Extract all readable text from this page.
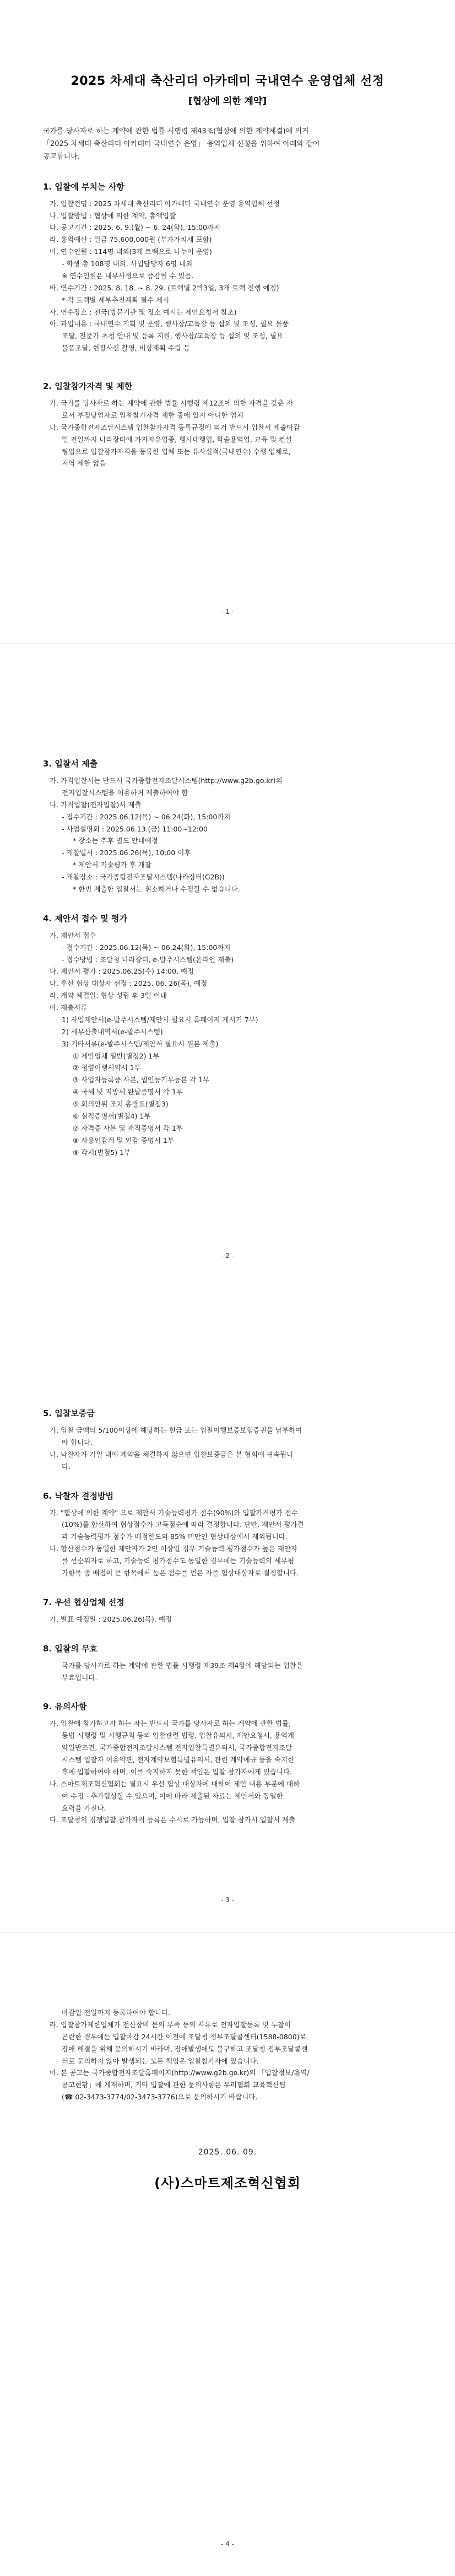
2025 차세대 축산리더 아카데미 국내연수 운영업체 선정
[협상에 의한 계약]

국가를 당사자로 하는 계약에 관한 법률 시행령 제43조(협상에 의한 계약체결)에 의거

「2025 차세대 축산리더 아카데미 국내연수 운영」 용역업체 선정을 위하여 아래와 같이

공고합니다.

1. 입찰에 부치는 사항
가. 입찰건명 : 2025 차세대 축산리더 아카데미 국내연수 운영 용역업체 선정
나. 입찰방법 : 협상에 의한 계약, 총액입찰
다. 공고기간 : 2025. 6. 9.(월) ~ 6. 24(화), 15:00까지
라. 용역예산 : 일금 75,600,000원 (부가가치세 포함)
마. 연수인원 : 114명 내외(3개 트랙으로 나누어 운영)
- 학생 총 108명 내외, 사업담당자 6명 내외
※ 연수인원은 내부사정으로 증감될 수 있음.
바. 연수기간 : 2025. 8. 18. ~ 8. 29. (트랙별 2박3일, 3개 트랙 진행 예정)
* 각 트랙별 세부추진계획 필수 제시
사. 연수장소 : 전국(방문기관 및 장소 예시는 제안요청서 참조)
아. 과업내용 : 국내연수 기획 및 운영, 행사장/교육장 등 섭외 및 조성, 필요 물품
조달, 전문가 초청 안내 및 등록 지원, 행사장/교육장 등 섭외 및 조성, 필요
물품조달, 현장사진 촬영, 비상계획 수립 등
2. 입찰참가자격 및 제한
가. 국가를 당사자로 하는 계약에 관한 법률 시행령 제12조에 의한 자격을 갖춘 자
로서 부정당업자로 입찰참가자격 제한 중에 있지 아니한 업체
나. 국가종합전자조달시스템 입찰참가자격 등록규정에 의거 반드시 입찰서 제출마감
일 전일까지 나라장터에 가자자유업종, 행사대행업, 학술용역업, 교육 및 컨설
팅업으로 입찰참가자격을 등록한 업체 또는 유사실적(국내연수) 수행 업체로,
지역 제한 없음
- 1 -
3. 입찰서 제출
가. 가격입찰서는 반드시 국가종합전자조달시스템(http://www.g2b.go.kr)의
전자입찰시스템을 이용하여 제출하여야 함
나. 가격입찰(전자입찰)서 제출
- 접수기간 : 2025.06.12(목) ~ 06.24(화), 15:00까지
- 사업설명회 : 2025.06.13.(금) 11:00~12:00
* 장소는 추후 별도 안내예정
- 개찰일시 : 2025.06.26(목), 10:00 이후
* 제안서 기술평가 후 개찰
- 개찰장소 : 국가종합전자조달시스템(나라장터(G2B))
* 한번 제출한 입찰서는 취소하거나 수정할 수 없습니다.
4. 제안서 접수 및 평가
가. 제안서 접수
- 접수기간 : 2025.06.12(목) ~ 06.24(화), 15:00까지
- 접수방법 : 조달청 나라장터, e-발주시스템(온라인 제출)
나. 제안서 평가 : 2025.06.25(수) 14:00, 예정
다. 우선 협상 대상자 선정 : 2025. 06. 26(목), 예정
라. 계약 체결일: 협상 성립 후 3일 이내
마. 제출서류
1) 사업제안서(e-발주시스템/제안서 필요시 홈페이지 게시기 7부)
2) 세부산출내역서(e-발주시스템)
3) 기타서류(e-발주시스템/제안서 필요시 원본 제출)
① 제안업체 일반(별첨2) 1부
② 청렴이행서약서 1부
③ 사업자등록증 사본, 법인등기부등본 각 1부
④ 국세 및 지방세 완납증명서 각 1부
⑤ 회의안위 조치 총괄표(별첨3)
⑥ 실적증명서(별첨4) 1부
⑦ 자격증 사본 및 재직증명서 각 1부
⑧ 사용인감계 및 인감 증명서 1부
⑨ 각서(별첨5) 1부
- 2 -
5. 입찰보증금
가. 입찰 금액의 5/100이상에 해당하는 현금 또는 입찰이행보증보험증권을 납부하여
야 합니다.
나. 낙찰자가 기일 내에 계약을 체결하지 않으면 입찰보증금은 본 협회에 귀속됩니
다.
6. 낙찰자 결정방법
가. "협상에 의한 계약" 으로 제안서 기술능력평가 점수(90%)와 입찰가격평가 점수
(10%)를 합산하여 협상점수가 고득점순에 따라 결정합니다. 단만, 제안서 평가결
과 기술능력평가 점수가 배점한도의 85% 미만인 협상대상에서 제외됩니다.
나. 합산점수가 동일한 제안자가 2인 이상일 경우 기술능력 평가점수가 높은 제안자
를 선순위자로 하고, 기술능력 평가점수도 동일한 경우에는 기술능력의 세부평
가항목 중 배점이 큰 항목에서 높은 점수를 얻은 자를 협상대상자로 결정합니다.
7. 우선 협상업체 선정
가. 발표 예정일 : 2025.06.26(목), 예정
8. 입찰의 무효
국가를 당사자로 하는 계약에 관한 법률 시행령 제39조 제4항에 해당되는 입찰은
무효입니다.
9. 유의사항
가. 입찰에 참가하고자 하는 자는 반드시 국가를 당사자로 하는 계약에 관한 법률,
동법 시행령 및 시행규칙 등의 입찰관련 법령, 입찰유의서, 제안요청서, 용역계
약일반조건, 국가종합전자조달시스템 전자입찰특별유의서, 국가종합전자조달
시스템 입찰자 이용약관, 전자계약보험특별유의서, 관련 계약예규 등을 숙지한
후에 입찰하여야 하며, 이를 숙지하지 못한 책임은 입찰 참가자에게 있습니다.
나. 스마트제조혁신협회는 필요시 우선 협상 대상자에 대하여 제안 내용 부분에 대하
여 수정 · 추가협상할 수 있으며, 이에 따라 제출된 자료는 제안서와 동일한
효력을 가진다.
다. 조달청의 경쟁입찰 참가자격 등록은 수시로 가능하며, 입찰 참가시 입찰서 제출
- 3 -
마감일 전일까지 등록하여야 합니다.
라. 입찰참가제한업체가 전산장비 문의 부족 등의 사유로 전자입찰등록 및 투찰이
곤란한 경우에는 입찰마감 24시간 이전에 조달청 정부조달콜센터(1588-0800)로
장애 해결을 위해 문의하시기 바라며, 장애발생에도 불구하고 조달청 정부조달콜센
터로 문의하지 않아 발생되는 모든 책임은 입찰참가자에 있습니다.
마. 본 공고는 국가종합전자조달홈페이지(http://www.g2b.go.kr)의 「입찰정보/용역/
공고현황」에 게재하며, 기타 입찰에 관한 문의사항은 우리협회 교육혁신팀
(☎ 02-3473-3774/02-3473-3776)으로 문의하시기 바랍니다.
2025. 06. 09.
(사)스마트제조혁신협회
- 4 -
